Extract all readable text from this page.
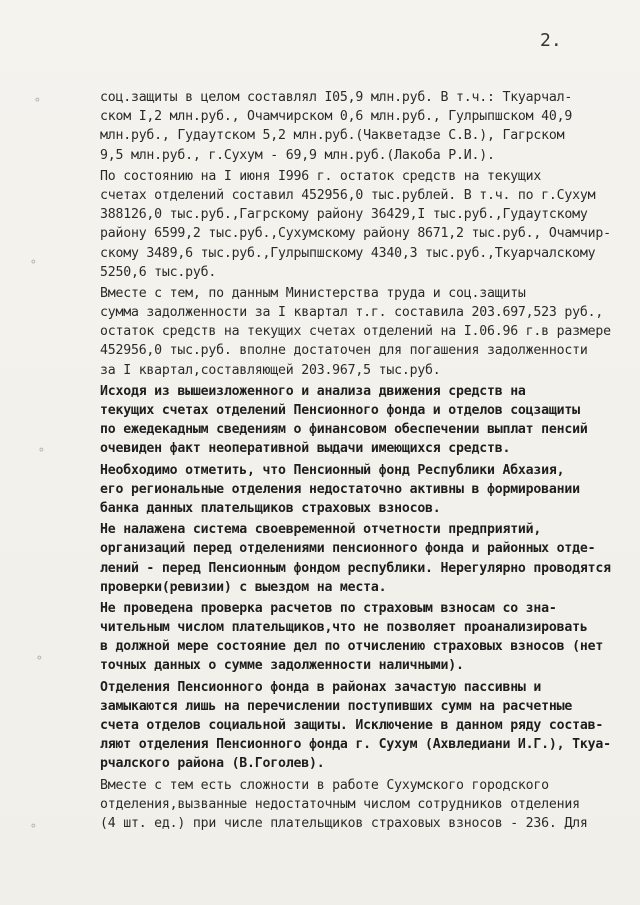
∘
∘
∘
∘
∘
2.
соц.защиты в целом составлял I05,9 млн.руб. В т.ч.: Ткуарчал-
ском I,2 млн.руб., Очамчирском 0,6 млн.руб., Гулрыпшском 40,9
млн.руб., Гудаутском 5,2 млн.руб.(Чакветадзе С.В.), Гагрском
9,5 млн.руб., г.Сухум - 69,9 млн.руб.(Лакоба Р.И.).
По состоянию на I июня I996 г. остаток средств на текущих
счетах отделений составил 452956,0 тыс.рублей. В т.ч. по г.Сухум
388126,0 тыс.руб.,Гагрскому району 36429,I тыс.руб.,Гудаутскому
району 6599,2 тыс.руб.,Сухумскому району 8671,2 тыс.руб., Очамчир-
скому 3489,6 тыс.руб.,Гулрыпшскому 4340,3 тыс.руб.,Ткуарчалскому
5250,6 тыс.руб.
Вместе с тем, по данным Министерства труда и соц.защиты
сумма задолженности за I квартал т.г. составила 203.697,523 руб.,
остаток средств на текущих счетах отделений на I.06.96 г.в размере
452956,0 тыс.руб. вполне достаточен для погашения задолженности
за I квартал,составляющей 203.967,5 тыс.руб.
Исходя из вышеизложенного и анализа движения средств на
текущих счетах отделений Пенсионного фонда и отделов соцзащиты
по ежедекадным сведениям о финансовом обеспечении выплат пенсий
очевиден факт неоперативной выдачи имеющихся средств.
Необходимо отметить, что Пенсионный фонд Республики Абхазия,
его региональные отделения недостаточно активны в формировании
банка данных плательщиков страховых взносов.
Не налажена система своевременной отчетности предприятий,
организаций перед отделениями пенсионного фонда и районных отде-
лений - перед Пенсионным фондом республики. Нерегулярно проводятся
проверки(ревизии) с выездом на места.
Не проведена проверка расчетов по страховым взносам со зна-
чительным числом плательщиков,что не позволяет проанализировать
в должной мере состояние дел по отчислению страховых взносов (нет
точных данных о сумме задолженности наличными).
Отделения Пенсионного фонда в районах зачастую пассивны и
замыкаются лишь на перечислении поступивших сумм на расчетные
счета отделов социальной защиты. Исключение в данном ряду состав-
ляют отделения Пенсионного фонда г. Сухум (Ахвледиани И.Г.), Ткуа-
рчалского района (В.Гоголев).
Вместе с тем есть сложности в работе Сухумского городского
отделения,вызванные недостаточным числом сотрудников отделения
(4 шт. ед.) при числе плательщиков страховых взносов - 236. Для
